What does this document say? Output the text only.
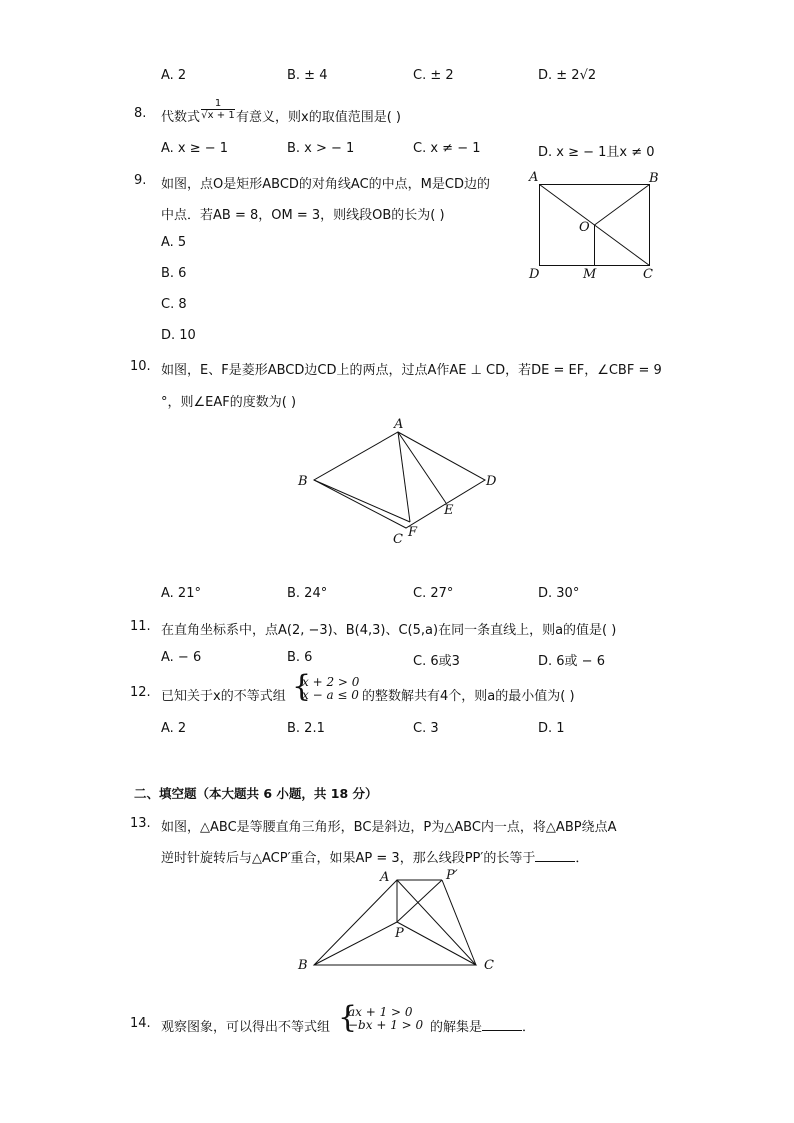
A. 2	B. ± 4	C. ± 2	D. ± 2√2
8. 代数式 $\frac{1}{√x + 1}$ 有意义，则x的取值范围是( )
A. x ≥ − 1	B. x > − 1	C. x ≠ − 1	D. x ≥ − 1且x ≠ 0
9. 如图，点O是矩形ABCD的对角线AC的中点，M是CD边的
中点．若AB = 8，OM = 3，则线段OB的长为( )
A. 5
B. 6
C. 8
D. 10
A	B
C
D
O
M
10. 如图，E、F是菱形ABCD边CD上的两点，过点A作AE ⊥ CD，若DE = EF，∠CBF = 9
°，则∠EAF的度数为( )
A
B
C
D
E
F
A. 21°	B. 24°	C. 27°	D. 30°
11. 在直角坐标系中，点A(2, −3)、B(4,3)、C(5,a)在同一条直线上，则a的值是( )
A. − 6	B. 6	C. 6或3	D. 6或 − 6
12. 已知关于x的不等式组 {
x + 2 > 0
x − a ≤ 0 的整数解共有4个，则a的最小值为( )
A. 2	B. 2.1	C. 3	D. 1
二、填空题（本大题共 6 小题，共 18 分）
13. 如图，△ABC是等腰直角三角形，BC是斜边，P为△ABC内一点，将△ABP绕点A
逆时针旋转后与△ACP′重合，如果AP = 3，那么线段PP′的长等于	．
A
B	C
P
P′
14. 观察图象，可以得出不等式组 {
ax + 1 > 0
−bx + 1 > 0 的解集是	．
